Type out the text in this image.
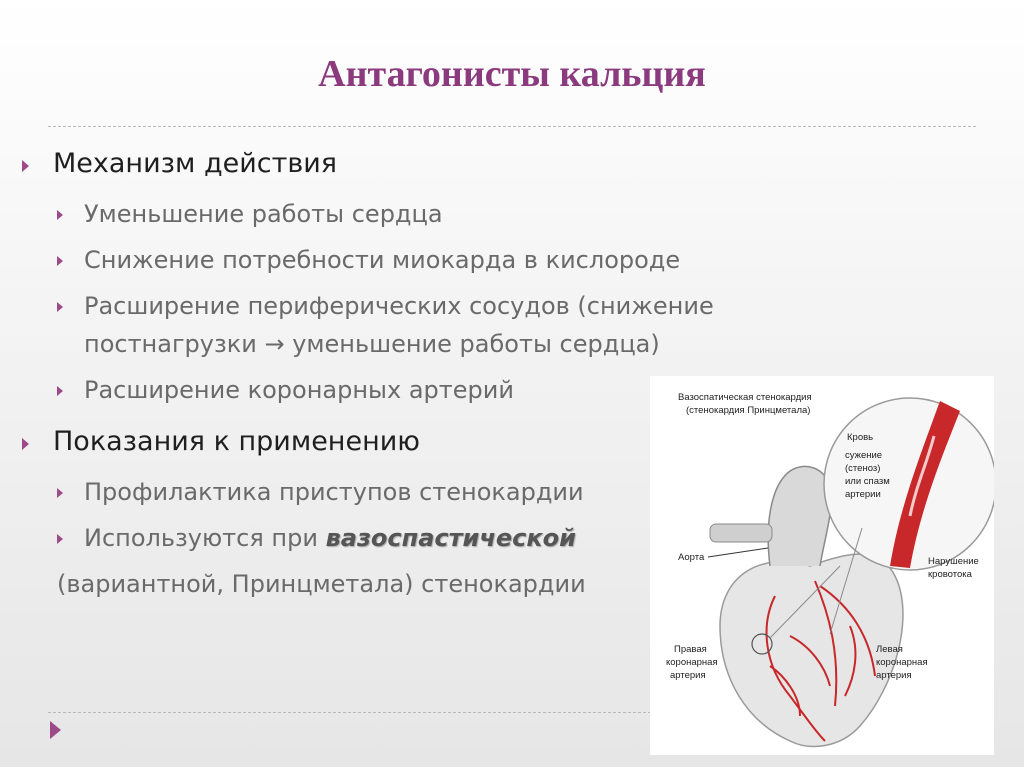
Антагонисты кальция
Механизм действия
Уменьшение работы сердца
Снижение потребности миокарда в кислороде
Расширение периферических сосудов (снижение
постнагрузки → уменьшение работы сердца)
Расширение коронарных артерий
Показания к применению
Профилактика приступов стенокардии
Используются при вазоспастической
(вариантной, Принцметала) стенокардии
Вазоспатическая стенокардия
(стенокардия Принцметала)
Кровь
сужение
(стеноз)
или спазм
артерии
Нарушение
кровотока
Аорта
Правая
коронарная
артерия
Левая
коронарная
артерия
